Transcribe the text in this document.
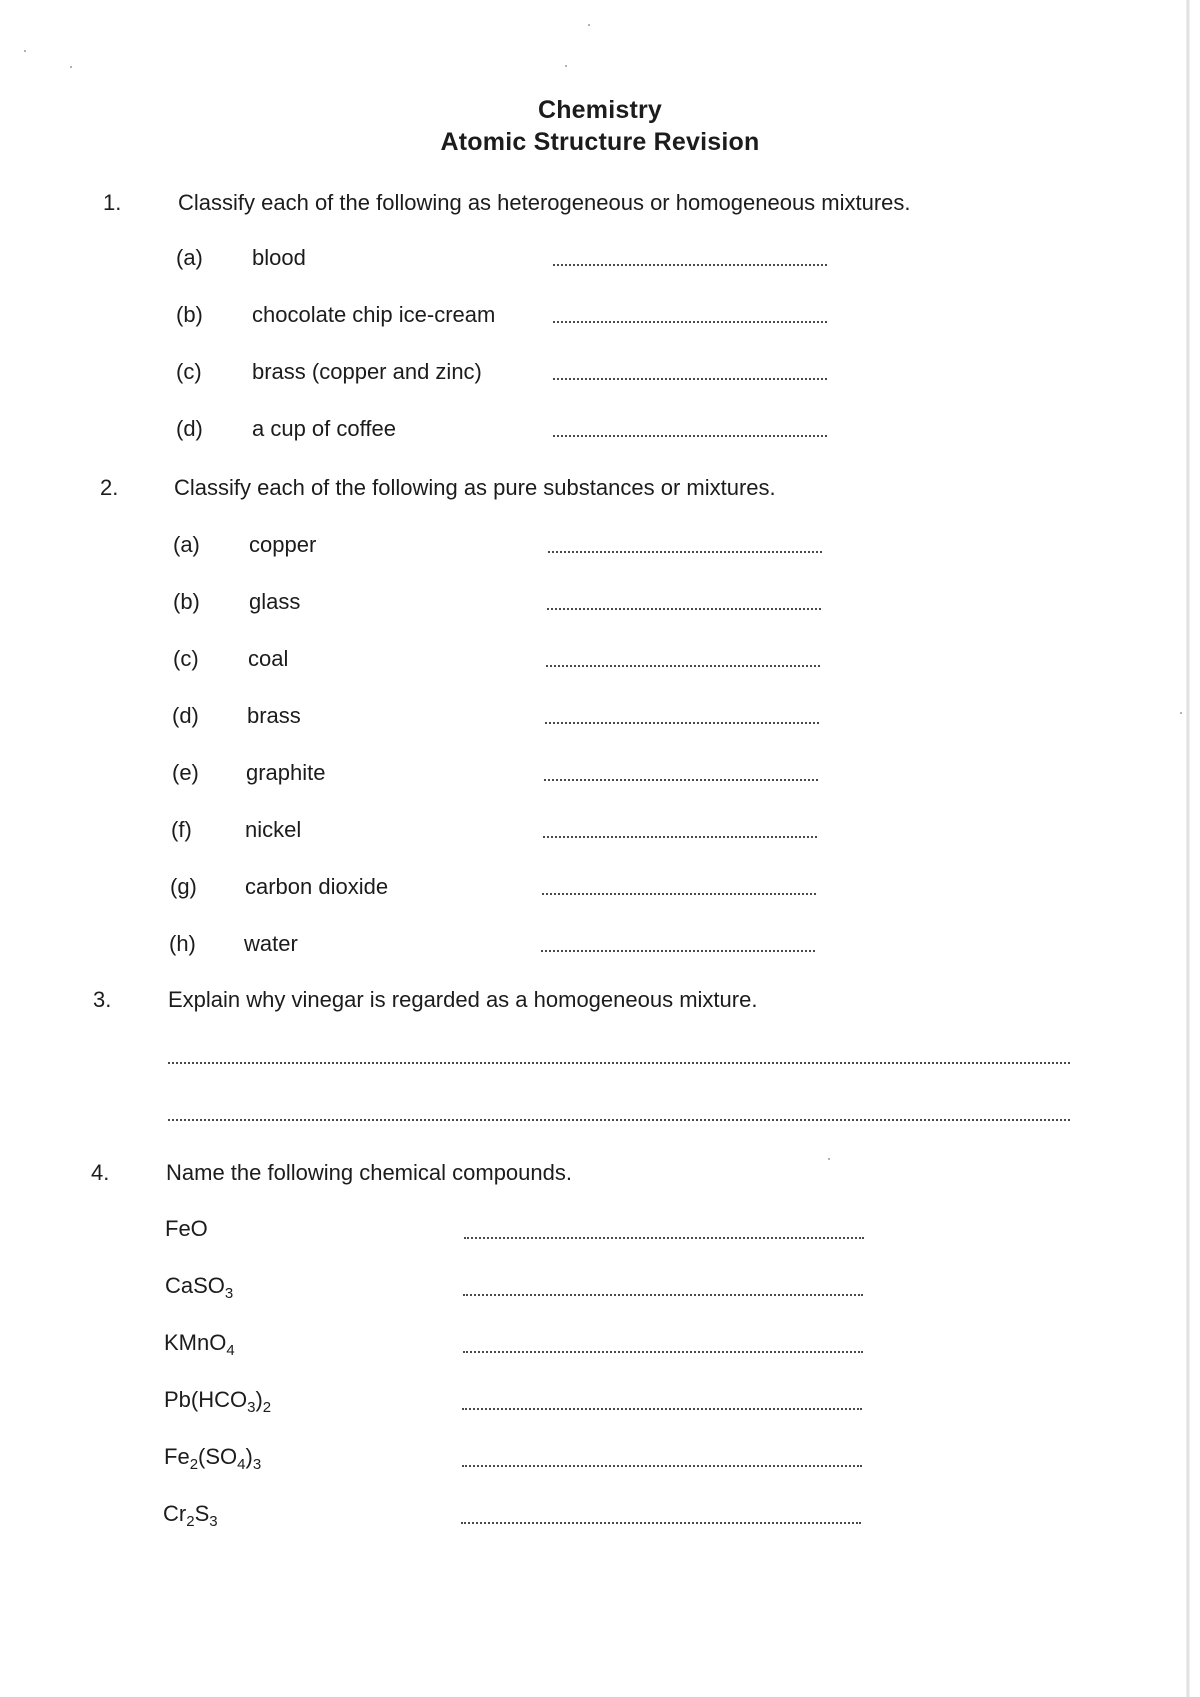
Chemistry
Atomic Structure Revision
1.	Classify each of the following as heterogeneous or homogeneous mixtures.
(a) blood
(b) chocolate chip ice-cream
(c) brass (copper and zinc)
(d) a cup of coffee
2.	Classify each of the following as pure substances or mixtures.
(a) copper
(b) glass
(c) coal
(d) brass
(e) graphite
(f) nickel
(g) carbon dioxide
(h) water
3.	Explain why vinegar is regarded as a homogeneous mixture.
4.	Name the following chemical compounds.
FeO
CaSO$_3$
KMnO$_4$
$Pb(HCO_3)_2$
$Fe_2(SO_4)_3$
$Cr_2S_3$
